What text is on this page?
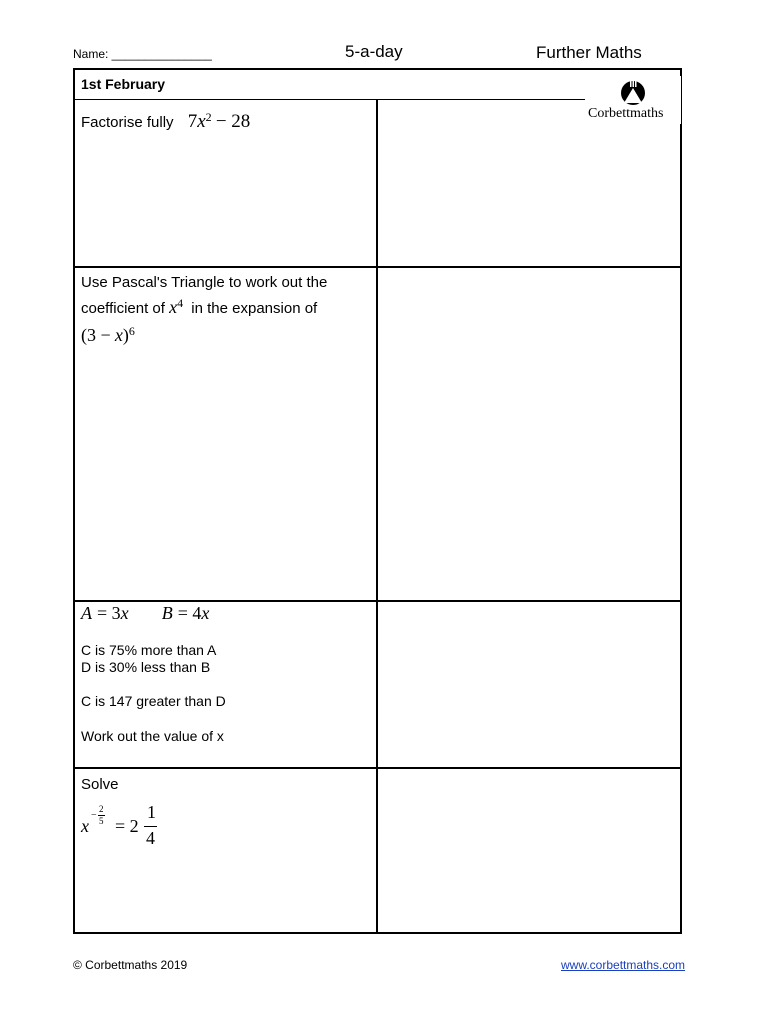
Name: _______________	5-a-day	Further Maths
1st February
Corbettmaths
Factorise fully $7x^2 - 28$
Use Pascal's Triangle to work out the
coefficient of $x^4$ in the expansion of
$(3 - x)^6$
A = 3x B = 4x
C is 75% more than A
D is 30% less than B
C is 147 greater than D
Work out the value of x
Solve
x
−
2
5 = 2
1
4
© Corbettmaths 2019	www.corbettmaths.com
